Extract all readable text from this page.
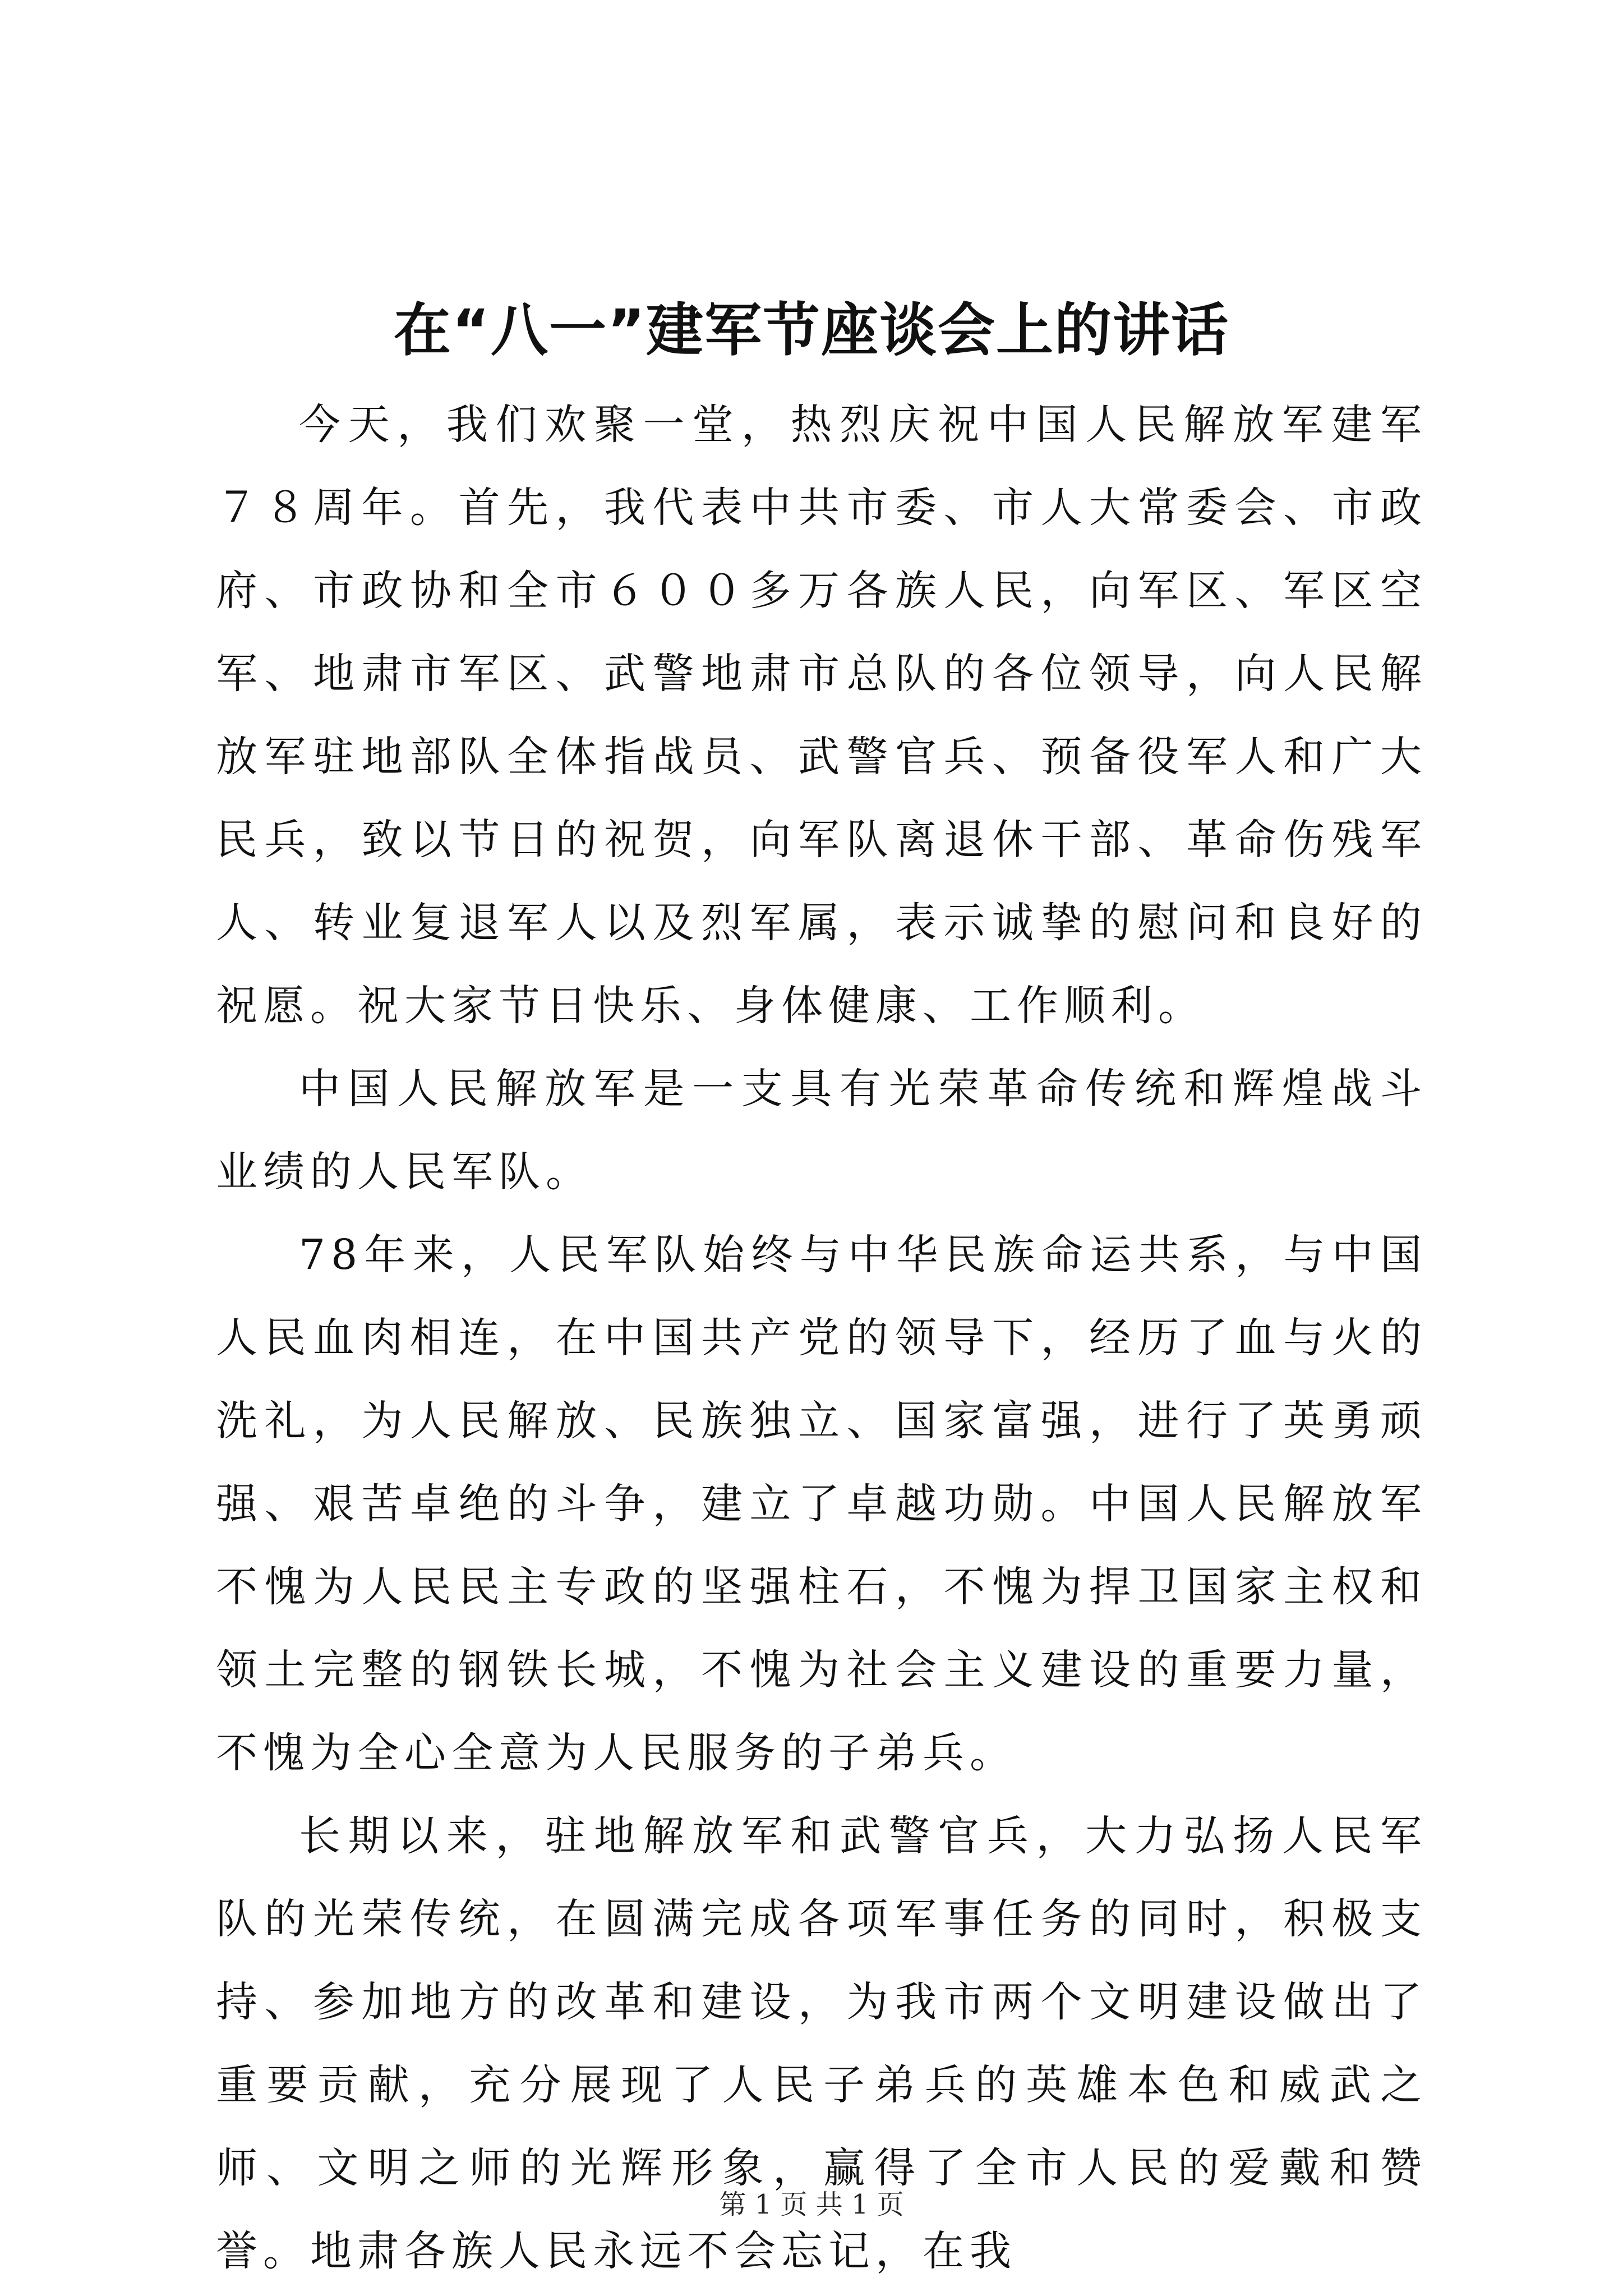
在“八一”建军节座谈会上的讲话

今天，我们欢聚一堂，热烈庆祝中国人民解放军建军７８周年。首先，我代表中共市委、市人大常委会、市政府、市政协和全市６００多万各族人民，向军区、军区空军、地肃市军区、武警地肃市总队的各位领导，向人民解放军驻地部队全体指战员、武警官兵、预备役军人和广大民兵，致以节日的祝贺，向军队离退休干部、革命伤残军人、转业复退军人以及烈军属，表示诚挚的慰问和良好的祝愿。祝大家节日快乐、身体健康、工作顺利。

中国人民解放军是一支具有光荣革命传统和辉煌战斗业绩的人民军队。

78年来，人民军队始终与中华民族命运共系，与中国人民血肉相连，在中国共产党的领导下，经历了血与火的洗礼，为人民解放、民族独立、国家富强，进行了英勇顽强、艰苦卓绝的斗争，建立了卓越功勋。中国人民解放军不愧为人民民主专政的坚强柱石，不愧为捍卫国家主权和领土完整的钢铁长城，不愧为社会主义建设的重要力量，不愧为全心全意为人民服务的子弟兵。

长期以来，驻地解放军和武警官兵，大力弘扬人民军队的光荣传统，在圆满完成各项军事任务的同时，积极支持、参加地方的改革和建设，为我市两个文明建设做出了重要贡献，充分展现了人民子弟兵的英雄本色和威武之师、文明之师的光辉形象，赢得了全市人民的爱戴和赞誉。地肃各族人民永远不会忘记，在我

第 1 页 共 1 页
